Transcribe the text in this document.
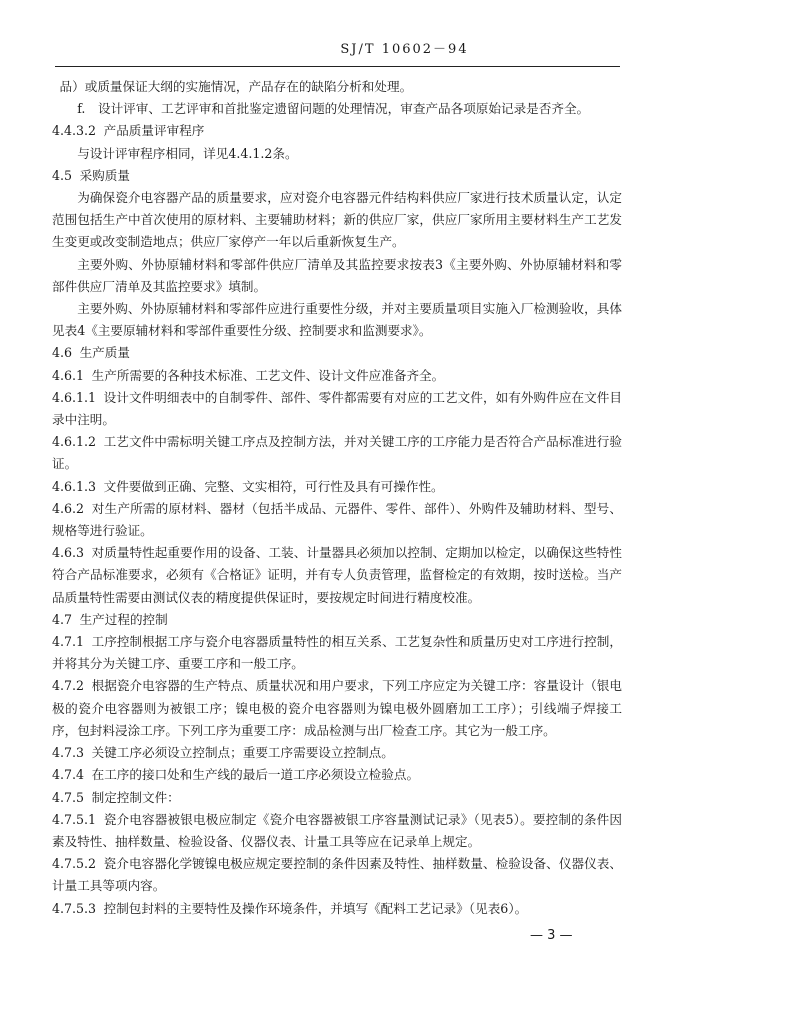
SJ/T 10602－94

品）或质量保证大纲的实施情况，产品存在的缺陷分析和处理。

f.　设计评审、工艺评审和首批鉴定遗留问题的处理情况，审查产品各项原始记录是否齐全。

4.4.3.2 产品质量评审程序

与设计评审程序相同，详见4.4.1.2条。

4.5 采购质量

为确保瓷介电容器产品的质量要求，应对瓷介电容器元件结构料供应厂家进行技术质量认定，认定范围包括生产中首次使用的原材料、主要辅助材料；新的供应厂家，供应厂家所用主要材料生产工艺发生变更或改变制造地点；供应厂家停产一年以后重新恢复生产。

主要外购、外协原辅材料和零部件供应厂清单及其监控要求按表3《主要外购、外协原辅材料和零部件供应厂清单及其监控要求》填制。

主要外购、外协原辅材料和零部件应进行重要性分级，并对主要质量项目实施入厂检测验收，具体见表4《主要原辅材料和零部件重要性分级、控制要求和监测要求》。

4.6 生产质量

4.6.1 生产所需要的各种技术标准、工艺文件、设计文件应准备齐全。

4.6.1.1 设计文件明细表中的自制零件、部件、零件都需要有对应的工艺文件，如有外购件应在文件目录中注明。

4.6.1.2 工艺文件中需标明关键工序点及控制方法，并对关键工序的工序能力是否符合产品标准进行验证。

4.6.1.3 文件要做到正确、完整、文实相符，可行性及具有可操作性。

4.6.2 对生产所需的原材料、器材（包括半成品、元器件、零件、部件）、外购件及辅助材料、型号、规格等进行验证。

4.6.3 对质量特性起重要作用的设备、工装、计量器具必须加以控制、定期加以检定，以确保这些特性符合产品标准要求，必须有《合格证》证明，并有专人负责管理，监督检定的有效期，按时送检。当产品质量特性需要由测试仪表的精度提供保证时，要按规定时间进行精度校准。

4.7 生产过程的控制

4.7.1 工序控制根据工序与瓷介电容器质量特性的相互关系、工艺复杂性和质量历史对工序进行控制，并将其分为关键工序、重要工序和一般工序。

4.7.2 根据瓷介电容器的生产特点、质量状况和用户要求，下列工序应定为关键工序：容量设计（银电极的瓷介电容器则为被银工序；镍电极的瓷介电容器则为镍电极外圆磨加工工序）；引线端子焊接工序，包封料浸涂工序。下列工序为重要工序：成品检测与出厂检查工序。其它为一般工序。

4.7.3 关键工序必须设立控制点；重要工序需要设立控制点。

4.7.4 在工序的接口处和生产线的最后一道工序必须设立检验点。

4.7.5 制定控制文件：

4.7.5.1 瓷介电容器被银电极应制定《瓷介电容器被银工序容量测试记录》（见表5）。要控制的条件因素及特性、抽样数量、检验设备、仪器仪表、计量工具等应在记录单上规定。

4.7.5.2 瓷介电容器化学镀镍电极应规定要控制的条件因素及特性、抽样数量、检验设备、仪器仪表、计量工具等项内容。

4.7.5.3 控制包封料的主要特性及操作环境条件，并填写《配料工艺记录》（见表6）。

— 3 —
